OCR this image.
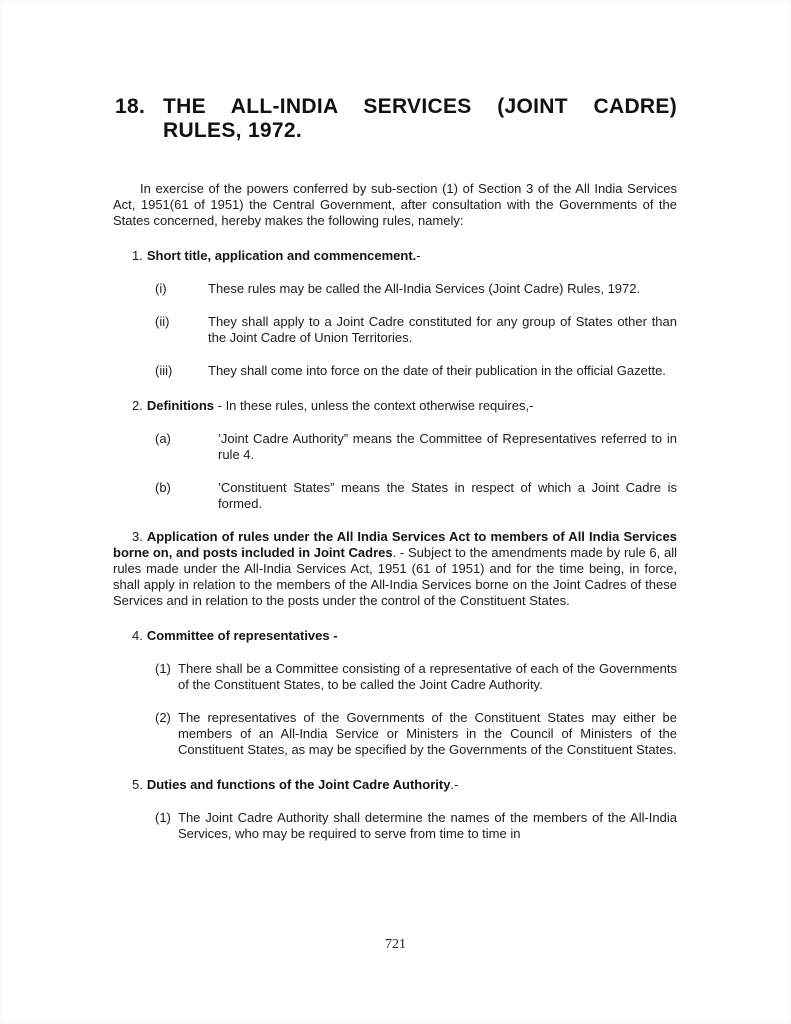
18. THE ALL-INDIA SERVICES (JOINT CADRE)
RULES, 1972.

In exercise of the powers conferred by sub-section (1) of Section 3 of the All India Services Act, 1951(61 of 1951) the Central Government, after consultation with the Governments of the States concerned, hereby makes the following rules, namely:

1. Short title, application and commencement.-

(i)	These rules may be called the All-India Services (Joint Cadre) Rules, 1972.
(ii)	They shall apply to a Joint Cadre constituted for any group of States other than the Joint Cadre of Union Territories.
(iii)	They shall come into force on the date of their publication in the official Gazette.

2. Definitions - In these rules, unless the context otherwise requires,-

(a)	’Joint Cadre Authority” means the Committee of Representatives referred to in rule 4.
(b)	’Constituent States” means the States in respect of which a Joint Cadre is formed.

3. Application of rules under the All India Services Act to members of All India Services borne on, and posts included in Joint Cadres. - Subject to the amendments made by rule 6, all rules made under the All-India Services Act, 1951 (61 of 1951) and for the time being, in force, shall apply in relation to the members of the All-India Services borne on the Joint Cadres of these Services and in relation to the posts under the control of the Constituent States.

4. Committee of representatives -

(1) There shall be a Committee consisting of a representative of each of the Governments of the Constituent States, to be called the Joint Cadre Authority.
(2) The representatives of the Governments of the Constituent States may either be members of an All-India Service or Ministers in the Council of Ministers of the Constituent States, as may be specified by the Governments of the Constituent States.

5. Duties and functions of the Joint Cadre Authority.-

(1) The Joint Cadre Authority shall determine the names of the members of the All-India Services, who may be required to serve from time to time in
721
